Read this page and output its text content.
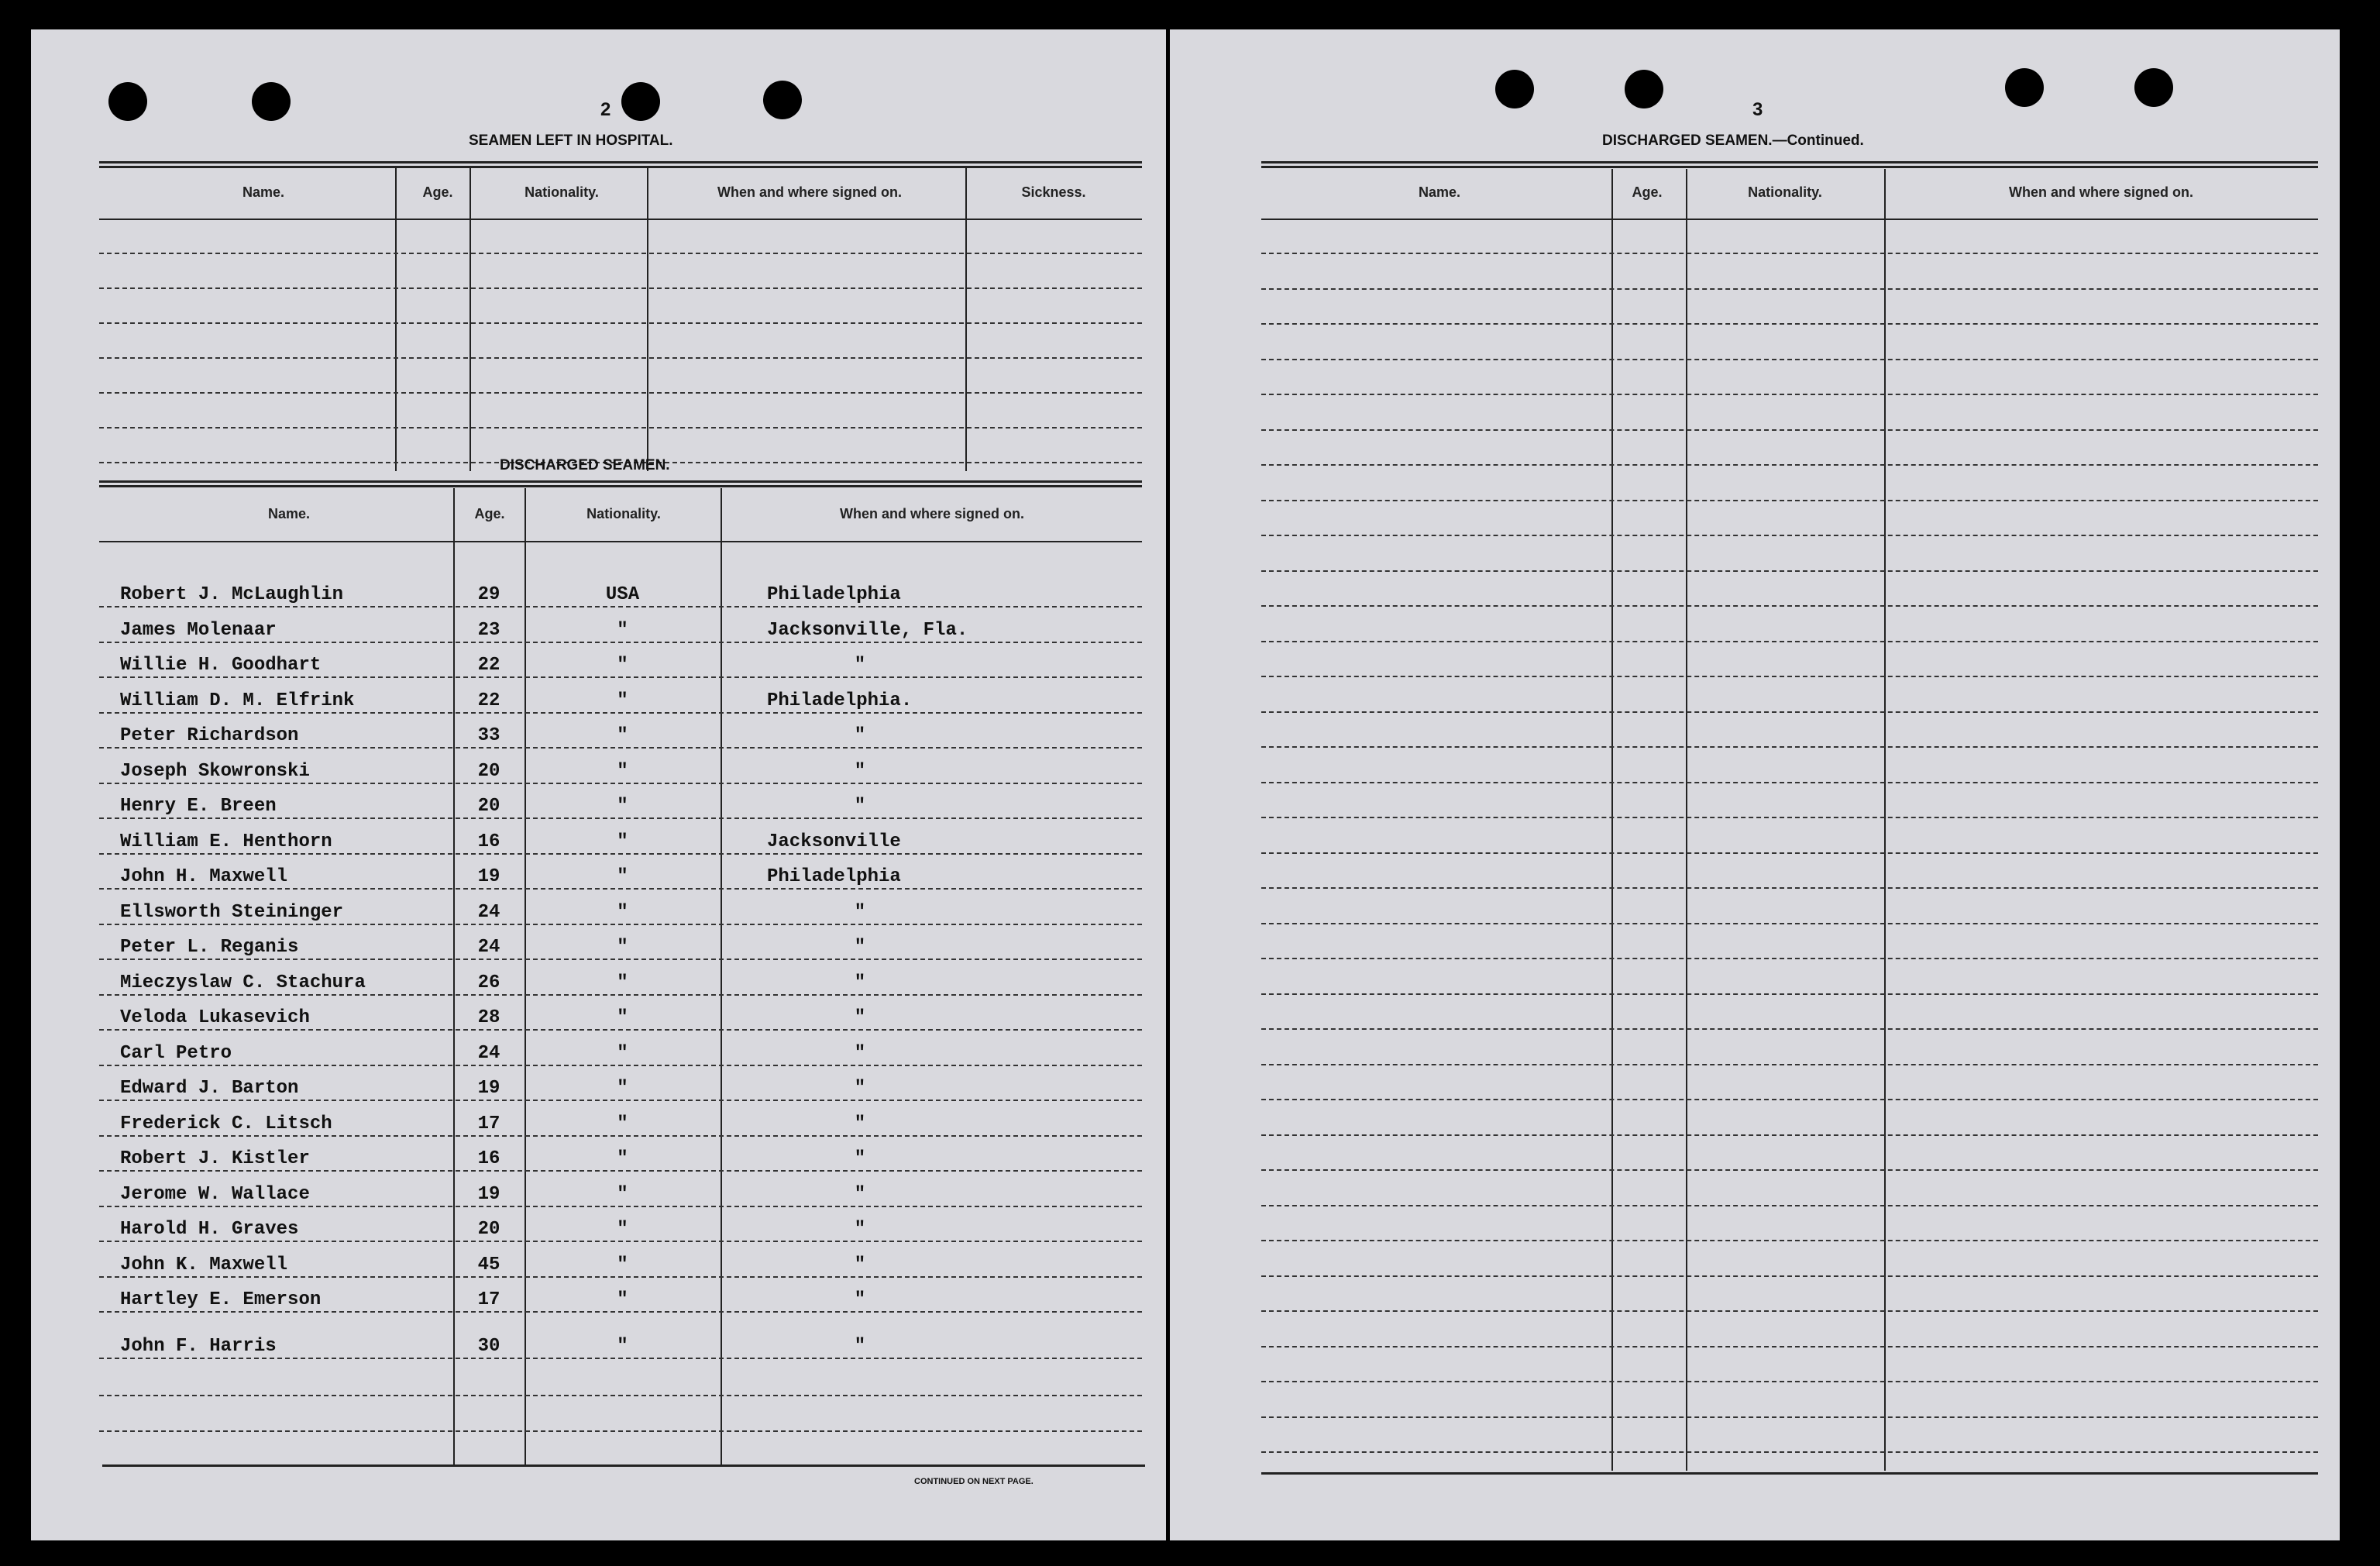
2
SEAMEN LEFT IN HOSPITAL.
Name.	Age.	Nationality.	When and where signed on.	Sickness.
DISCHARGED SEAMEN.
Name.	Age.	Nationality.	When and where signed on.
Robert J. McLaughlin	29	USA	Philadelphia
James Molenaar	23	"	Jacksonville, Fla.
Willie H. Goodhart	22	"	"
William D. M. Elfrink	22	"	Philadelphia.
Peter Richardson	33	"	"
Joseph Skowronski	20	"	"
Henry E. Breen	20	"	"
William E. Henthorn	16	"	Jacksonville
John H. Maxwell	19	"	Philadelphia
Ellsworth Steininger	24	"	"
Peter L. Reganis	24	"	"
Mieczyslaw C. Stachura	26	"	"
Veloda Lukasevich	28	"	"
Carl Petro	24	"	"
Edward J. Barton	19	"	"
Frederick C. Litsch	17	"	"
Robert J. Kistler	16	"	"
Jerome W. Wallace	19	"	"
Harold H. Graves	20	"	"
John K. Maxwell	45	"	"
Hartley E. Emerson	17	"	"
John F. Harris	30	"	"
CONTINUED ON NEXT PAGE.
3
DISCHARGED SEAMEN.—Continued.
Name.	Age.	Nationality.	When and where signed on.
